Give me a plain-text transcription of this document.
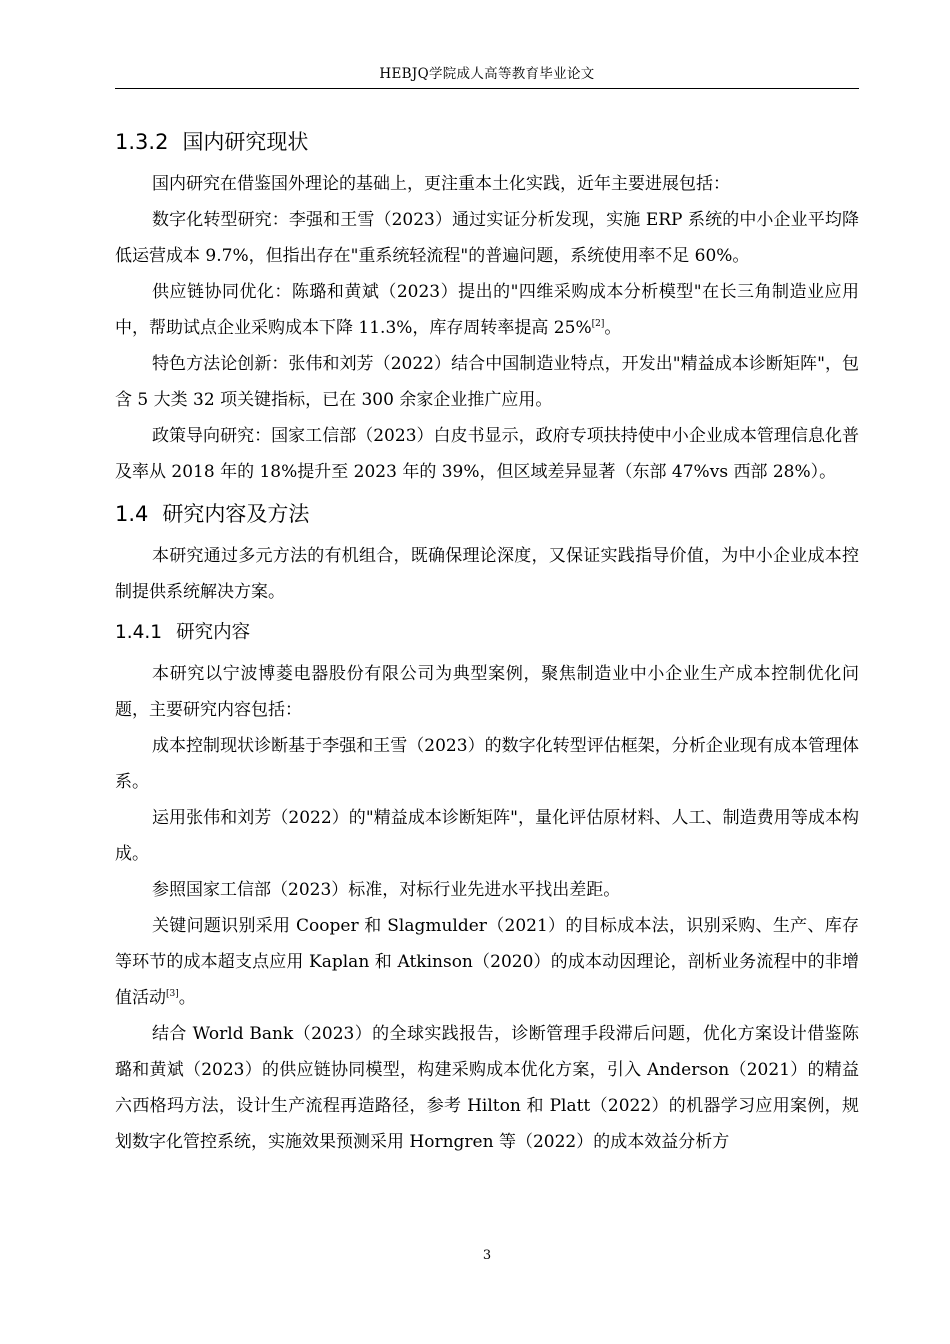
HEBJQ学院成人高等教育毕业论文
1.3.2 国内研究现状

国内研究在借鉴国外理论的基础上，更注重本土化实践，近年主要进展包括：

数字化转型研究：李强和王雪（2023）通过实证分析发现，实施 ERP 系统的中小企业平均降低运营成本 9.7%，但指出存在"重系统轻流程"的普遍问题，系统使用率不足 60%。

供应链协同优化：陈璐和黄斌（2023）提出的"四维采购成本分析模型"在长三角制造业应用中，帮助试点企业采购成本下降 11.3%，库存周转率提高 25%[2]。

特色方法论创新：张伟和刘芳（2022）结合中国制造业特点，开发出"精益成本诊断矩阵"，包含 5 大类 32 项关键指标，已在 300 余家企业推广应用。

政策导向研究：国家工信部（2023）白皮书显示，政府专项扶持使中小企业成本管理信息化普及率从 2018 年的 18%提升至 2023 年的 39%，但区域差异显著（东部 47%vs 西部 28%）。

1.4 研究内容及方法

本研究通过多元方法的有机组合，既确保理论深度，又保证实践指导价值，为中小企业成本控制提供系统解决方案。

1.4.1 研究内容

本研究以宁波博菱电器股份有限公司为典型案例，聚焦制造业中小企业生产成本控制优化问题，主要研究内容包括：

成本控制现状诊断基于李强和王雪（2023）的数字化转型评估框架，分析企业现有成本管理体系。

运用张伟和刘芳（2022）的"精益成本诊断矩阵"，量化评估原材料、人工、制造费用等成本构成。

参照国家工信部（2023）标准，对标行业先进水平找出差距。

关键问题识别采用 Cooper 和 Slagmulder（2021）的目标成本法，识别采购、生产、库存等环节的成本超支点应用 Kaplan 和 Atkinson（2020）的成本动因理论，剖析业务流程中的非增值活动[3]。

结合 World Bank（2023）的全球实践报告，诊断管理手段滞后问题，优化方案设计借鉴陈璐和黄斌（2023）的供应链协同模型，构建采购成本优化方案，引入 Anderson（2021）的精益六西格玛方法，设计生产流程再造路径，参考 Hilton 和 Platt（2022）的机器学习应用案例，规划数字化管控系统，实施效果预测采用 Horngren 等（2022）的成本效益分析方

3
